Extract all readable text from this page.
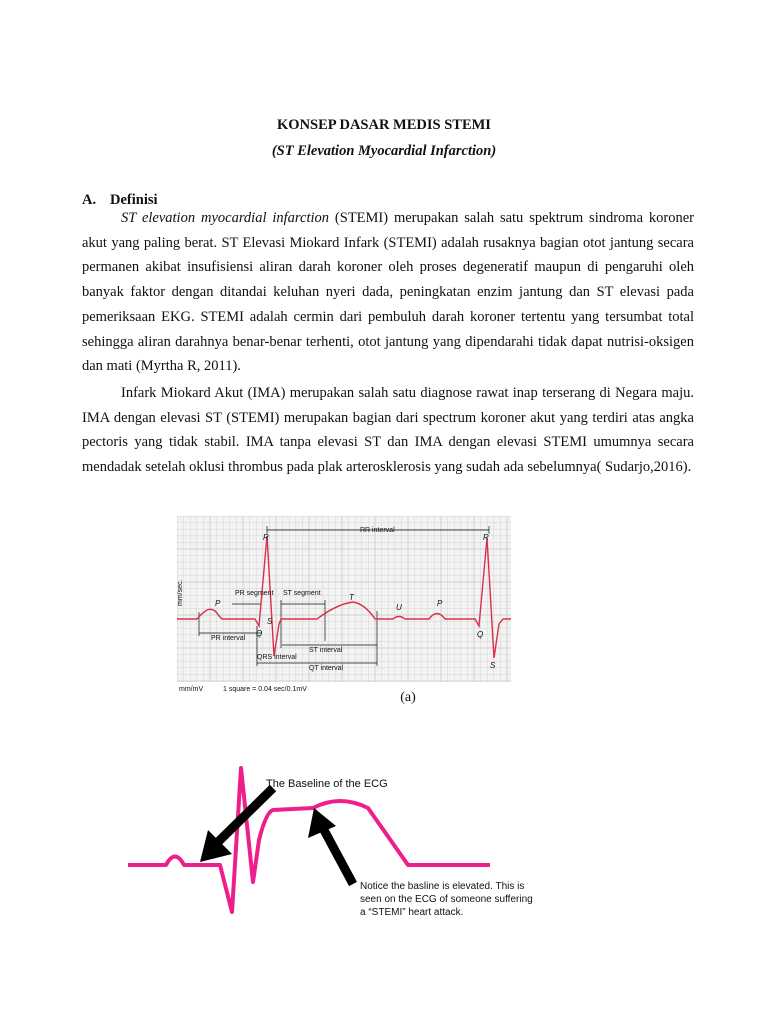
KONSEP DASAR MEDIS STEMI
(ST Elevation Myocardial Infarction)
A. Definisi
ST elevation myocardial infarction (STEMI) merupakan salah satu spektrum sindroma koroner akut yang paling berat. ST Elevasi Miokard Infark (STEMI) adalah rusaknya bagian otot jantung secara permanen akibat insufisiensi aliran darah koroner oleh proses degeneratif maupun di pengaruhi oleh banyak faktor dengan ditandai keluhan nyeri dada, peningkatan enzim jantung dan ST elevasi pada pemeriksaan EKG. STEMI adalah cermin dari pembuluh darah koroner tertentu yang tersumbat total sehingga aliran darahnya benar-benar terhenti, otot jantung yang dipendarahi tidak dapat nutrisi-oksigen dan mati (Myrtha R, 2011).
Infark Miokard Akut (IMA) merupakan salah satu diagnose rawat inap terserang di Negara maju. IMA dengan elevasi ST (STEMI) merupakan bagian dari spectrum koroner akut yang terdiri atas angka pectoris yang tidak stabil. IMA tanpa elevasi ST dan IMA dengan elevasi STEMI umumnya secara mendadak setelah oklusi thrombus pada plak arterosklerosis yang sudah ada sebelumnya( Sudarjo,2016).
RR interval
PR segment ST segment
PR interval
QRS interval
ST interval
QT interval
mm/sec.
mm/mV	1 square = 0.04 sec/0.1mV
P
R
Q
S
T
U	P
R
Q
S
(a)
The Baseline of the ECG
Notice the basline is elevated. This is
seen on the ECG of someone suffering
a “STEMI” heart attack.
